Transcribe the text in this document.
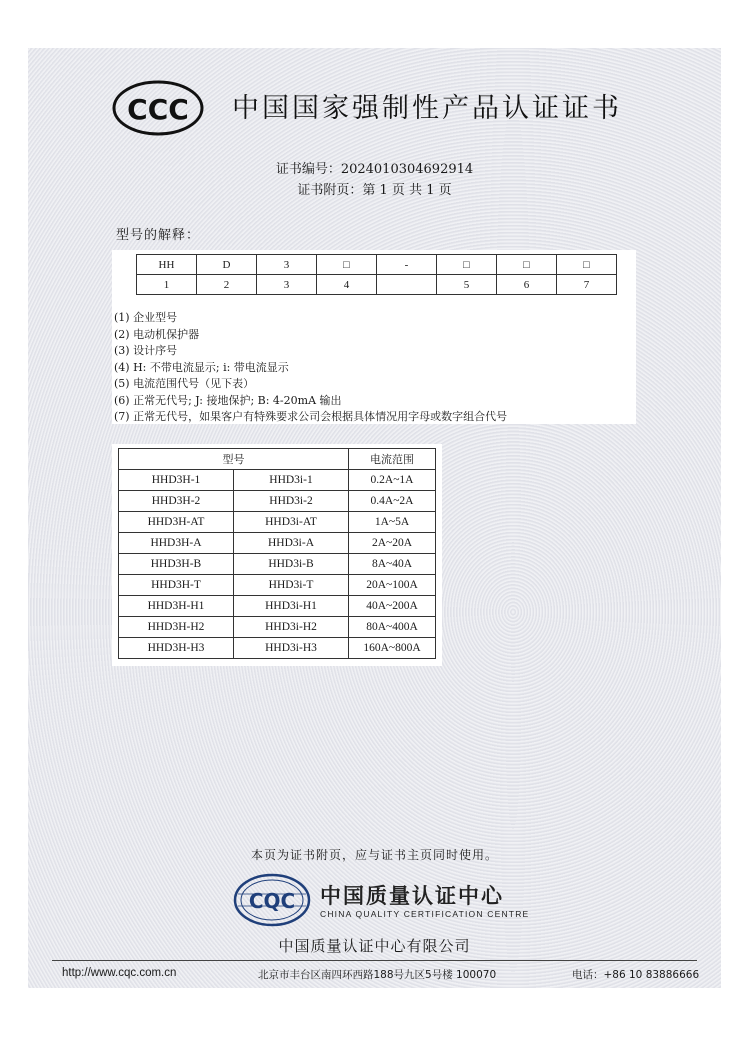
CCC 中国国家强制性产品认证证书
证书编号：2024010304692914
证书附页：第 1 页 共 1 页
型号的解释：
HH	D	3	□	-	□	□	□
1	2	3	4		5	6	7
(1) 企业型号
(2) 电动机保护器
(3) 设计序号
(4) H: 不带电流显示; i: 带电流显示
(5) 电流范围代号（见下表）
(6) 正常无代号; J: 接地保护; B: 4-20mA 输出
(7) 正常无代号，如果客户有特殊要求公司会根据具体情况用字母或数字组合代号
型号		电流范围
HHD3H-1	HHD3i-1	0.2A~1A
HHD3H-2	HHD3i-2	0.4A~2A
HHD3H-AT	HHD3i-AT	1A~5A
HHD3H-A	HHD3i-A	2A~20A
HHD3H-B	HHD3i-B	8A~40A
HHD3H-T	HHD3i-T	20A~100A
HHD3H-H1	HHD3i-H1	40A~200A
HHD3H-H2	HHD3i-H2	80A~400A
HHD3H-H3	HHD3i-H3	160A~800A
本页为证书附页，应与证书主页同时使用。
CQC 中国质量认证中心
CHINA QUALITY CERTIFICATION CENTRE
中国质量认证中心有限公司
http://www.cqc.com.cn	北京市丰台区南四环西路188号九区5号楼 100070	电话：+86 10 83886666
